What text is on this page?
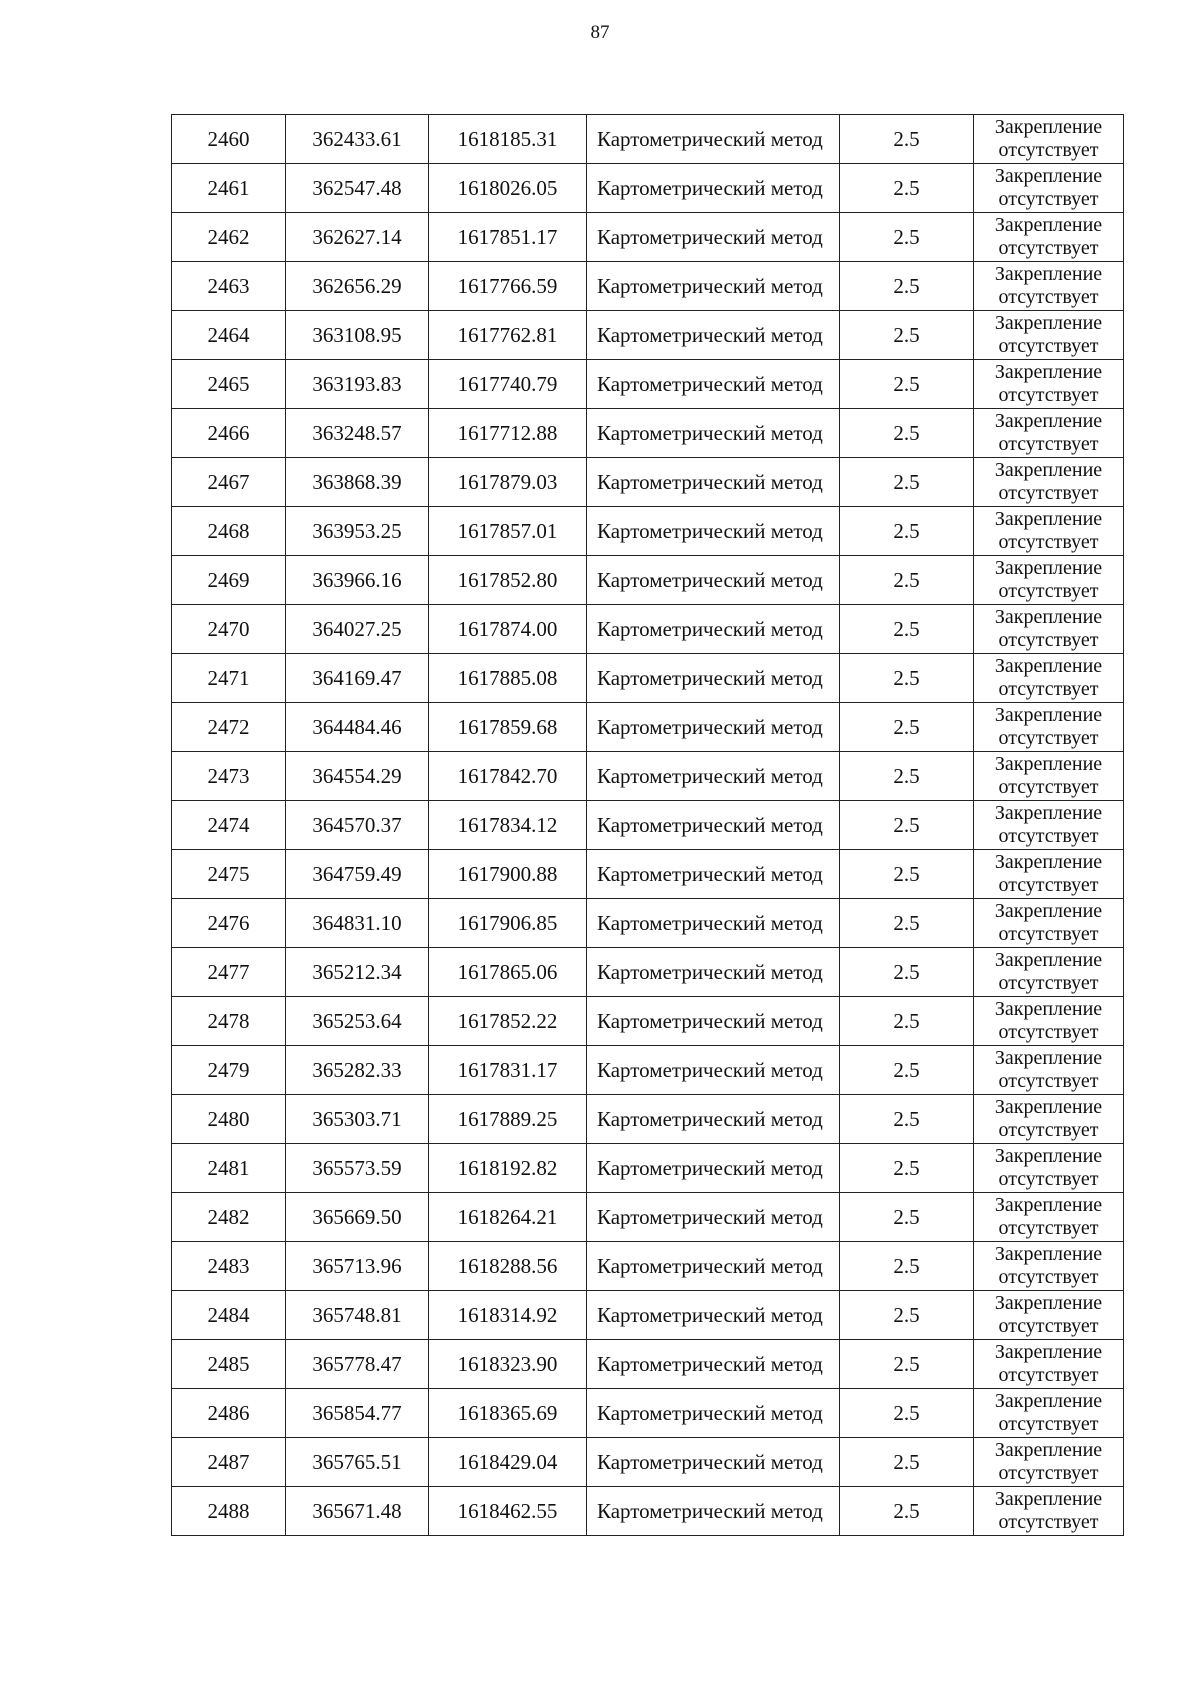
87
2460	362433.61	1618185.31	Картометрический метод	2.5	Закрепление
отсутствует

2461	362547.48	1618026.05	Картометрический метод	2.5	Закрепление
отсутствует

2462	362627.14	1617851.17	Картометрический метод	2.5	Закрепление
отсутствует

2463	362656.29	1617766.59	Картометрический метод	2.5	Закрепление
отсутствует

2464	363108.95	1617762.81	Картометрический метод	2.5	Закрепление
отсутствует

2465	363193.83	1617740.79	Картометрический метод	2.5	Закрепление
отсутствует

2466	363248.57	1617712.88	Картометрический метод	2.5	Закрепление
отсутствует

2467	363868.39	1617879.03	Картометрический метод	2.5	Закрепление
отсутствует

2468	363953.25	1617857.01	Картометрический метод	2.5	Закрепление
отсутствует

2469	363966.16	1617852.80	Картометрический метод	2.5	Закрепление
отсутствует

2470	364027.25	1617874.00	Картометрический метод	2.5	Закрепление
отсутствует

2471	364169.47	1617885.08	Картометрический метод	2.5	Закрепление
отсутствует

2472	364484.46	1617859.68	Картометрический метод	2.5	Закрепление
отсутствует

2473	364554.29	1617842.70	Картометрический метод	2.5	Закрепление
отсутствует

2474	364570.37	1617834.12	Картометрический метод	2.5	Закрепление
отсутствует

2475	364759.49	1617900.88	Картометрический метод	2.5	Закрепление
отсутствует

2476	364831.10	1617906.85	Картометрический метод	2.5	Закрепление
отсутствует

2477	365212.34	1617865.06	Картометрический метод	2.5	Закрепление
отсутствует

2478	365253.64	1617852.22	Картометрический метод	2.5	Закрепление
отсутствует

2479	365282.33	1617831.17	Картометрический метод	2.5	Закрепление
отсутствует

2480	365303.71	1617889.25	Картометрический метод	2.5	Закрепление
отсутствует

2481	365573.59	1618192.82	Картометрический метод	2.5	Закрепление
отсутствует

2482	365669.50	1618264.21	Картометрический метод	2.5	Закрепление
отсутствует

2483	365713.96	1618288.56	Картометрический метод	2.5	Закрепление
отсутствует

2484	365748.81	1618314.92	Картометрический метод	2.5	Закрепление
отсутствует

2485	365778.47	1618323.90	Картометрический метод	2.5	Закрепление
отсутствует

2486	365854.77	1618365.69	Картометрический метод	2.5	Закрепление
отсутствует

2487	365765.51	1618429.04	Картометрический метод	2.5	Закрепление
отсутствует

2488	365671.48	1618462.55	Картометрический метод	2.5	Закрепление
отсутствует
